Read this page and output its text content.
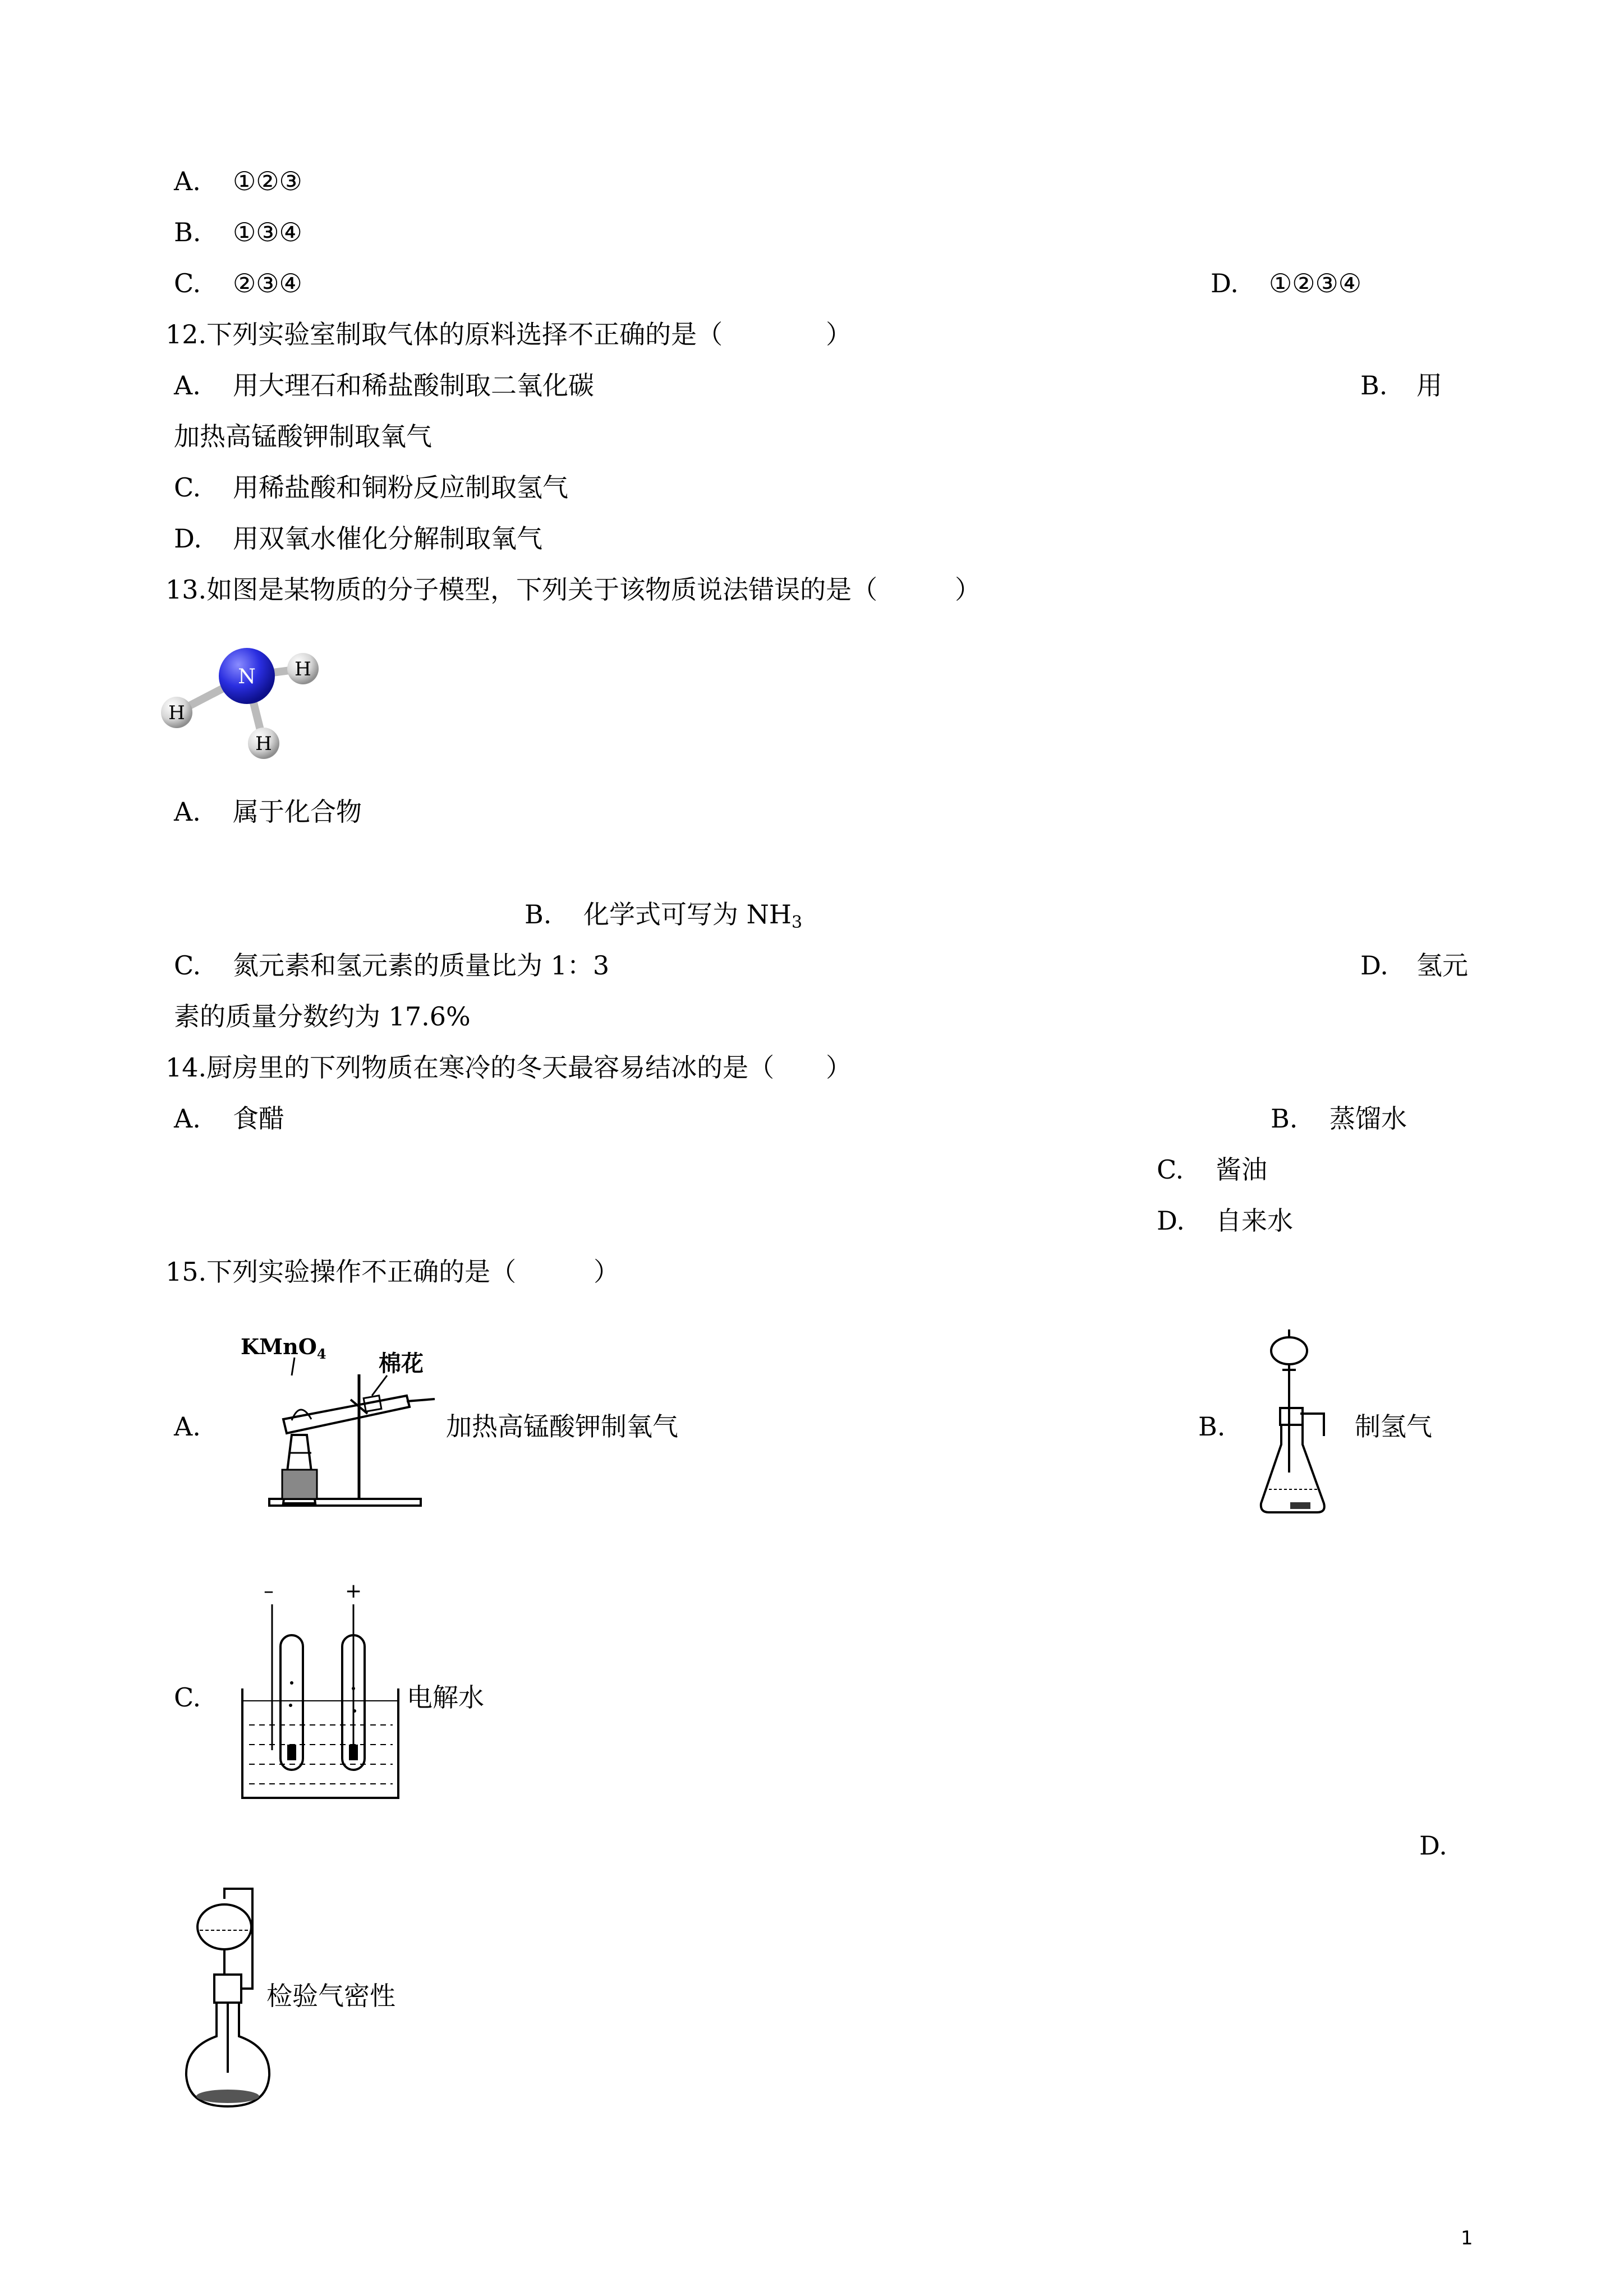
A. ①②③
B. ①③④
C. ②③④	D. ①②③④
12.下列实验室制取气体的原料选择不正确的是（　　　　）
A. 用大理石和稀盐酸制取二氧化碳	B. 用
加热高锰酸钾制取氧气
C. 用稀盐酸和铜粉反应制取氢气
D. 用双氧水催化分解制取氧气
13.如图是某物质的分子模型，下列关于该物质说法错误的是（　　　）
N H
H
H
A. 属于化合物
B. 化学式可写为 $NH_3$
C. 氮元素和氢元素的质量比为 1：3	D. 氢元
素的质量分数约为 17.6%
14.厨房里的下列物质在寒冷的冬天最容易结冰的是（　　）
A. 食醋	B. 蒸馏水
C. 酱油
D. 自来水
15.下列实验操作不正确的是（　　　）
A.
KMnO$_4$ 棉花
加热高锰酸钾制氧气	B.	制氢气
C.
–	+
电解水
D.
检验气密性
1
